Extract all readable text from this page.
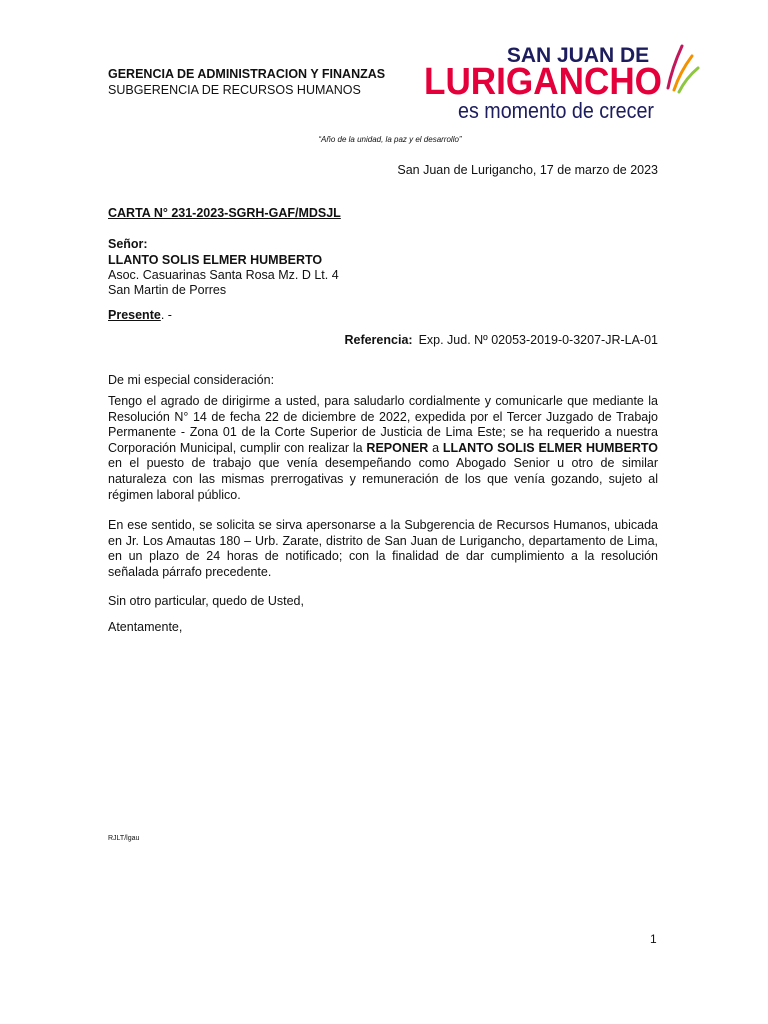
GERENCIA DE ADMINISTRACION Y FINANZAS
SUBGERENCIA DE RECURSOS HUMANOS
SAN JUAN DE
LURIGANCHO
es momento de crecer
“Año de la unidad, la paz y el desarrollo”
San Juan de Lurigancho, 17 de marzo de 2023
CARTA N° 231-2023-SGRH-GAF/MDSJL
Señor:
LLANTO SOLIS ELMER HUMBERTO
Asoc. Casuarinas Santa Rosa Mz. D Lt. 4
San Martin de Porres
Presente. -
Referencia: Exp. Jud. Nº 02053-2019-0-3207-JR-LA-01
De mi especial consideración:
Tengo el agrado de dirigirme a usted, para saludarlo cordialmente y comunicarle que mediante la Resolución N° 14 de fecha 22 de diciembre de 2022, expedida por el Tercer Juzgado de Trabajo Permanente - Zona 01 de la Corte Superior de Justicia de Lima Este; se ha requerido a nuestra Corporación Municipal, cumplir con realizar la REPONER a LLANTO SOLIS ELMER HUMBERTO en el puesto de trabajo que venía desempeñando como Abogado Senior u otro de similar naturaleza con las mismas prerrogativas y remuneración de los que venía gozando, sujeto al régimen laboral público.
En ese sentido, se solicita se sirva apersonarse a la Subgerencia de Recursos Humanos, ubicada en Jr. Los Amautas 180 – Urb. Zarate, distrito de San Juan de Lurigancho, departamento de Lima, en un plazo de 24 horas de notificado; con la finalidad de dar cumplimiento a la resolución señalada párrafo precedente.
Sin otro particular, quedo de Usted,
Atentamente,
RJLT/lgau
1
